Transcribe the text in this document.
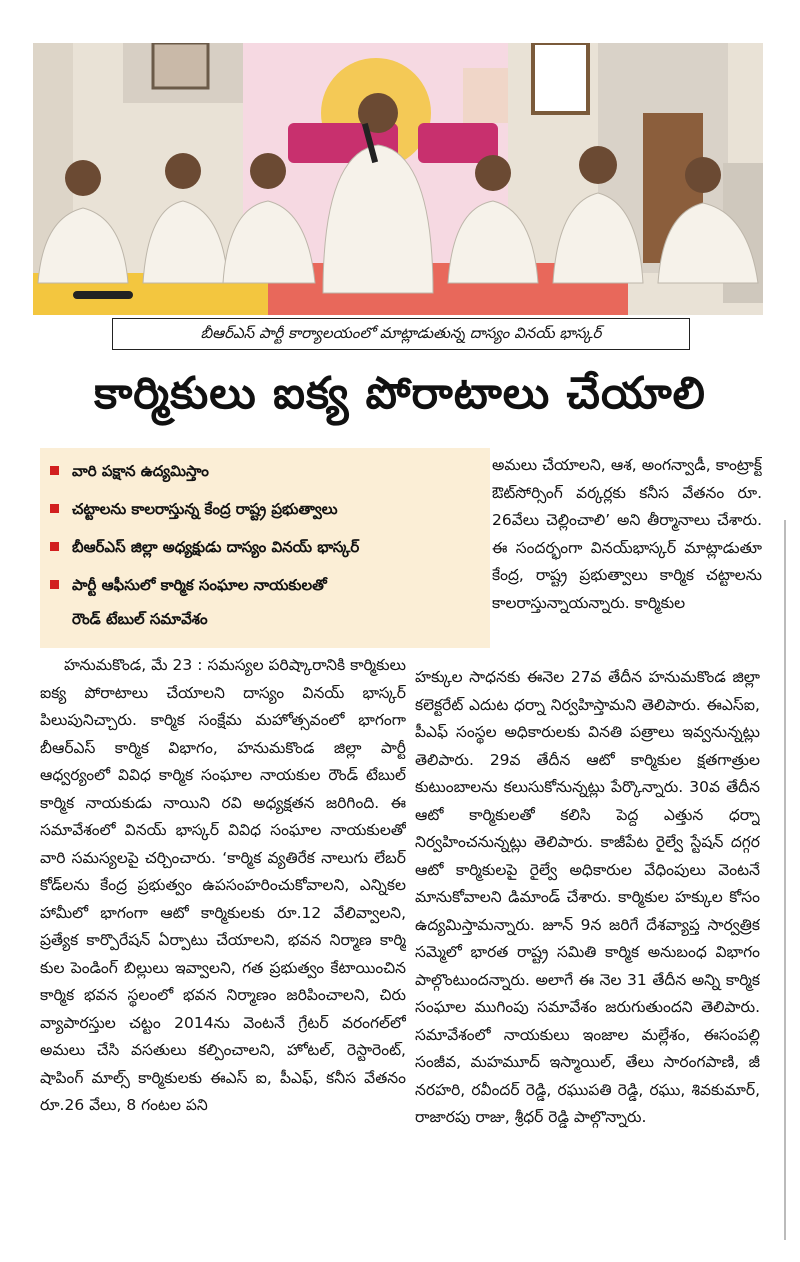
బీఆర్ఎస్ పార్టీ కార్యాలయంలో మాట్లాడుతున్న దాస్యం వినయ్ భాస్కర్
కార్మికులు ఐక్య పోరాటాలు చేయాలి
వారి పక్షాన ఉద్యమిస్తాం
చట్టాలను కాలరాస్తున్న కేంద్ర రాష్ట్ర ప్రభుత్వాలు
బీఆర్ఎస్ జిల్లా అధ్యక్షుడు దాస్యం వినయ్ భాస్కర్
పార్టీ ఆఫీసులో కార్మిక సంఘాల నాయకులతో
రౌండ్ టేబుల్ సమావేశం

హనుమకొండ, మే 23 : సమస్యల పరిష్కారానికి కార్మికులు ఐక్య పోరాటాలు చేయాలని దాస్యం వినయ్ భాస్కర్ పిలుపునిచ్చారు. కార్మిక సంక్షేమ మహోత్సవంలో భాగంగా బీఆర్ఎస్ కార్మిక విభాగం, హనుమకొండ జిల్లా పార్టీ ఆధ్వర్యంలో వివిధ కార్మిక సంఘాల నాయకుల రౌండ్ టేబుల్ కార్మిక నాయకుడు నాయిని రవి అధ్యక్షతన జరిగింది. ఈ సమావేశంలో వినయ్ భాస్కర్ వివిధ సంఘాల నాయకులతో వారి సమస్యలపై చర్చించారు. ‘కార్మిక వ్యతిరేక నాలుగు లేబర్ కోడ్‌లను కేంద్ర ప్రభుత్వం ఉపసంహరించుకోవాలని, ఎన్నికల హామీలో భాగంగా ఆటో కార్మికులకు రూ.12 వేలివ్వాలని, ప్రత్యేక కార్పొరేషన్ ఏర్పాటు చేయాలని, భవన నిర్మాణ కార్మి కుల పెండింగ్ బిల్లులు ఇవ్వాలని, గత ప్రభుత్వం కేటాయించిన కార్మిక భవన స్థలంలో భవన నిర్మాణం జరిపించాలని, చిరు వ్యాపారస్తుల చట్టం 2014ను వెంటనే గ్రేటర్ వరంగల్‌లో అమలు చేసి వసతులు కల్పించాలని, హోటల్, రెస్టారెంట్, షాపింగ్ మాల్స్ కార్మికులకు ఈఎస్ ఐ, పీఎఫ్, కనీస వేతనం రూ.26 వేలు, 8 గంటల పని

అమలు చేయాలని, ఆశ, అంగన్వాడీ, కాంట్రాక్ట్ ఔట్‌సోర్సింగ్ వర్కర్లకు కనీస వేతనం రూ. 26వేలు చెల్లించాలి’ అని తీర్మానాలు చేశారు. ఈ సందర్భంగా వినయ్‌భాస్కర్ మాట్లాడుతూ కేంద్ర, రాష్ట్ర ప్రభుత్వాలు కార్మిక చట్టాలను కాలరాస్తున్నాయన్నారు. కార్మికుల

హక్కుల సాధనకు ఈనెల 27వ తేదీన హనుమకొండ జిల్లా కలెక్టరేట్ ఎదుట ధర్నా నిర్వహిస్తామని తెలిపారు. ఈఎస్ఐ, పీఎఫ్ సంస్థల అధికారులకు వినతి పత్రాలు ఇవ్వనున్నట్లు తెలిపారు. 29వ తేదీన ఆటో కార్మికుల క్షతగాత్రుల కుటుంబాలను కలుసుకోనున్నట్లు పేర్కొన్నారు. 30వ తేదీన ఆటో కార్మికులతో కలిసి పెద్ద ఎత్తున ధర్నా నిర్వహించనున్నట్లు తెలిపారు. కాజీపేట రైల్వే స్టేషన్ దగ్గర ఆటో కార్మికులపై రైల్వే అధికారుల వేధింపులు వెంటనే మానుకోవాలని డిమాండ్ చేశారు. కార్మికుల హక్కుల కోసం ఉద్యమిస్తామన్నారు. జూన్ 9న జరిగే దేశవ్యాప్త సార్వత్రిక సమ్మెలో భారత రాష్ట్ర సమితి కార్మిక అనుబంధ విభాగం పాల్గొంటుందన్నారు. అలాగే ఈ నెల 31 తేదీన అన్ని కార్మిక సంఘాల ముగింపు సమావేశం జరుగుతుందని తెలిపారు. సమావేశంలో నాయకులు ఇంజాల మల్లేశం, ఈసంపల్లి సంజీవ, మహమూద్ ఇస్మాయిల్, తేలు సారంగపాణి, జీ నరహరి, రవీందర్ రెడ్డి, రఘుపతి రెడ్డి, రఘు, శివకుమార్, రాజారపు రాజు, శ్రీధర్ రెడ్డి పాల్గొన్నారు.
